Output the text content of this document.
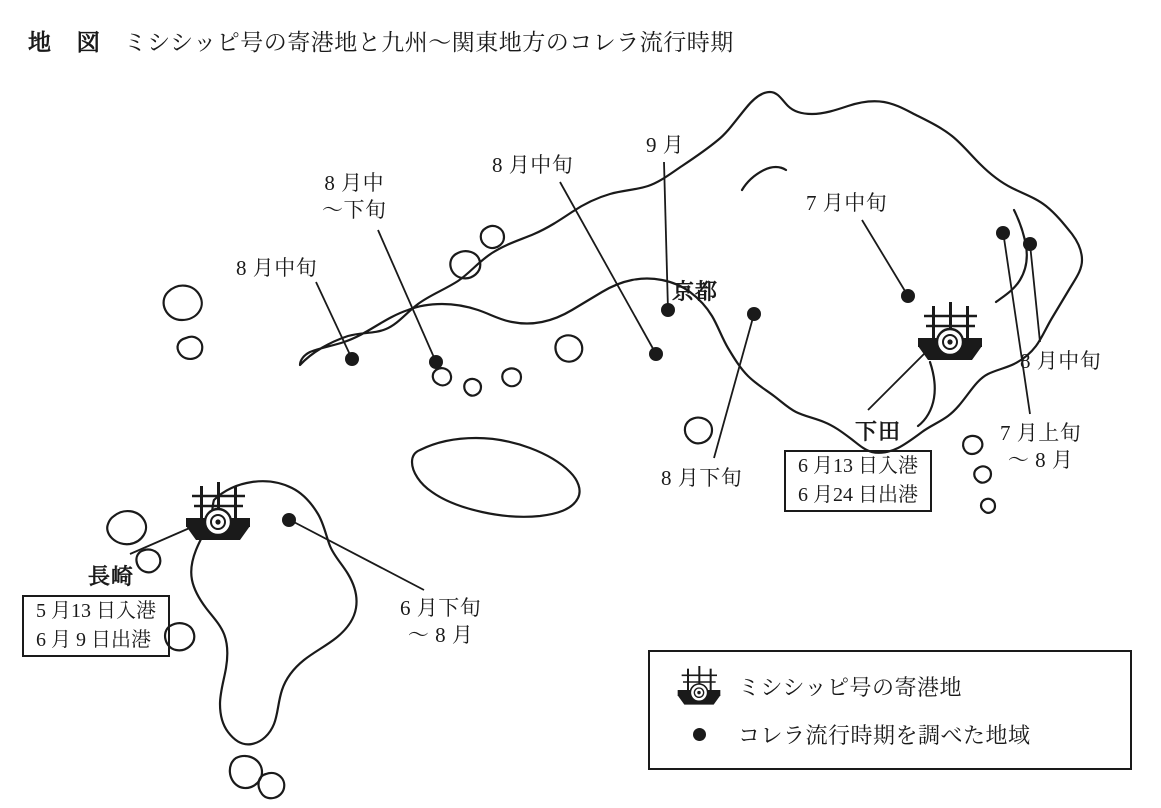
地 図 ミシシッピ号の寄港地と九州～関東地方のコレラ流行時期
8 月中旬
8 月中
～下旬
8 月中旬
9 月
7 月中旬
8 月中旬
7 月上旬
～ 8 月
8 月下旬
6 月下旬
～ 8 月
京都
下田
長崎
6 月13 日入港
6 月24 日出港
5 月13 日入港
6 月 9 日出港
ミシシッピ号の寄港地
コレラ流行時期を調べた地域
